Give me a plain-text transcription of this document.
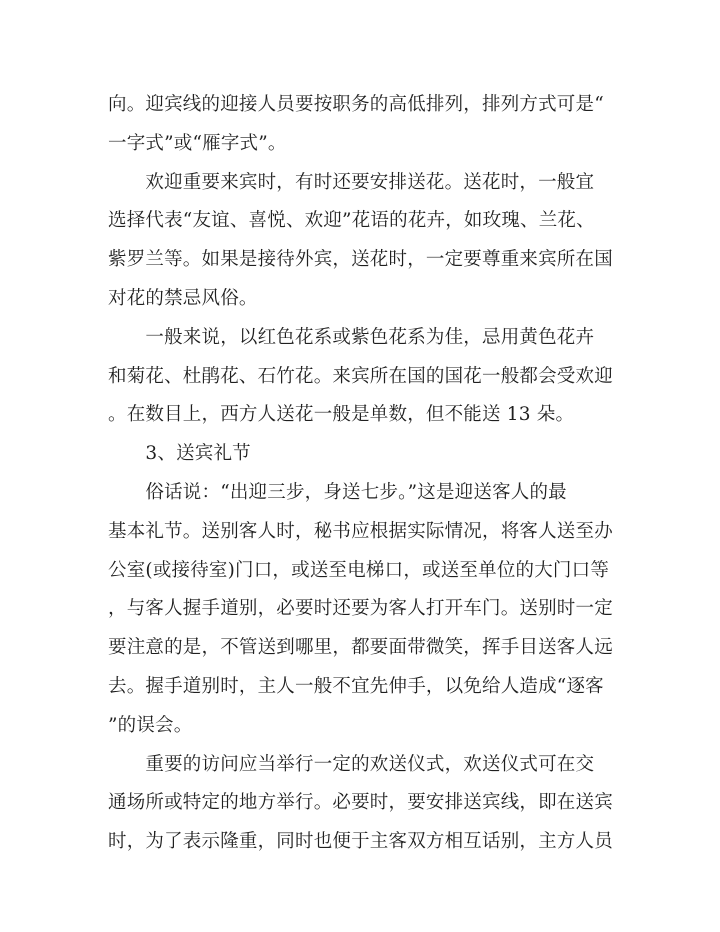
向。迎宾线的迎接人员要按职务的高低排列，排列方式可是“
一字式”或“雁字式”。
　　欢迎重要来宾时，有时还要安排送花。送花时，一般宜
选择代表“友谊、喜悦、欢迎”花语的花卉，如玫瑰、兰花、
紫罗兰等。如果是接待外宾，送花时，一定要尊重来宾所在国
对花的禁忌风俗。
　　一般来说，以红色花系或紫色花系为佳，忌用黄色花卉
和菊花、杜鹃花、石竹花。来宾所在国的国花一般都会受欢迎
。在数目上，西方人送花一般是单数，但不能送 13 朵。
　　3、送宾礼节
　　俗话说：“出迎三步，身送七步。”这是迎送客人的最
基本礼节。送别客人时，秘书应根据实际情况，将客人送至办
公室(或接待室)门口，或送至电梯口，或送至单位的大门口等
，与客人握手道别，必要时还要为客人打开车门。送别时一定
要注意的是，不管送到哪里，都要面带微笑，挥手目送客人远
去。握手道别时，主人一般不宜先伸手，以免给人造成“逐客
”的误会。
　　重要的访问应当举行一定的欢送仪式，欢送仪式可在交
通场所或特定的地方举行。必要时，要安排送宾线，即在送宾
时，为了表示隆重，同时也便于主客双方相互话别，主方人员
